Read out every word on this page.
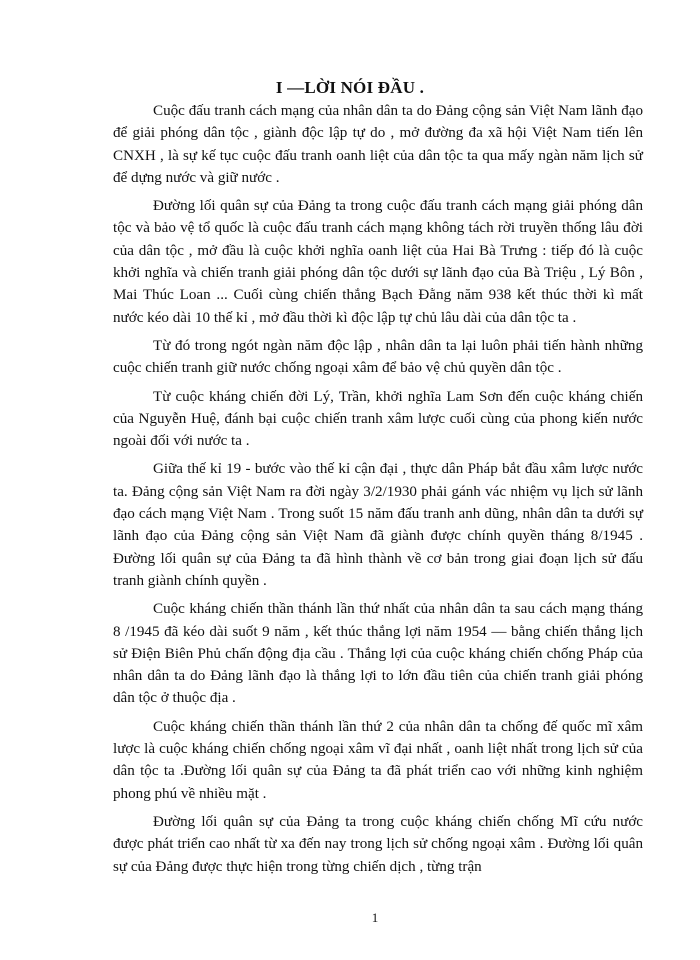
I —LỜI NÓI ĐẦU .

Cuộc đấu tranh cách mạng của nhân dân ta do Đảng cộng sản Việt Nam lãnh đạo để giải phóng dân tộc , giành độc lập tự do , mở đường đa xã hội Việt Nam tiến lên CNXH , là sự kế tục cuộc đấu tranh oanh liệt của dân tộc ta qua mấy ngàn năm lịch sử để dựng nước và giữ nước .

Đường lối quân sự của Đảng ta trong cuộc đấu tranh cách mạng giải phóng dân tộc và bảo vệ tổ quốc là cuộc đấu tranh cách mạng không tách rời truyền thống lâu đời của dân tộc , mở đầu là cuộc khởi nghĩa oanh liệt của Hai Bà Trưng : tiếp đó là cuộc khởi nghĩa và chiến tranh giải phóng dân tộc dưới sự lãnh đạo của Bà Triệu , Lý Bôn , Mai Thúc Loan ... Cuối cùng chiến thắng Bạch Đằng năm 938 kết thúc thời kì mất nước kéo dài 10 thế kỉ , mở đầu thời kì độc lập tự chủ lâu dài của dân tộc ta .

Từ đó trong ngót ngàn năm độc lập , nhân dân ta lại luôn phải tiến hành những cuộc chiến tranh giữ nước chống ngoại xâm để bảo vệ chủ quyền dân tộc .

Từ cuộc kháng chiến đời Lý, Trần, khởi nghĩa Lam Sơn đến cuộc kháng chiến của Nguyễn Huệ, đánh bại cuộc chiến tranh xâm lược cuối cùng của phong kiến nước ngoài đối với nước ta .

Giữa thế kỉ 19 - bước vào thế kỉ cận đại , thực dân Pháp bắt đầu xâm lược nước ta. Đảng cộng sản Việt Nam ra đời ngày 3/2/1930 phải gánh vác nhiệm vụ lịch sử lãnh đạo cách mạng Việt Nam . Trong suốt 15 năm đấu tranh anh dũng, nhân dân ta dưới sự lãnh đạo của Đảng cộng sản Việt Nam đã giành được chính quyền tháng 8/1945 . Đường lối quân sự của Đảng ta đã hình thành về cơ bản trong giai đoạn lịch sử đấu tranh giành chính quyền .

Cuộc kháng chiến thần thánh lần thứ nhất của nhân dân ta sau cách mạng tháng 8 /1945 đã kéo dài suốt 9 năm , kết thúc thắng lợi năm 1954 — bằng chiến thắng lịch sử Điện Biên Phủ chấn động địa cầu . Thắng lợi của cuộc kháng chiến chống Pháp của nhân dân ta do Đảng lãnh đạo là thắng lợi to lớn đầu tiên của chiến tranh giải phóng dân tộc ở thuộc địa .

Cuộc kháng chiến thần thánh lần thứ 2 của nhân dân ta chống đế quốc mĩ xâm lược là cuộc kháng chiến chống ngoại xâm vĩ đại nhất , oanh liệt nhất trong lịch sử của dân tộc ta .Đường lối quân sự của Đảng ta đã phát triển cao với những kinh nghiệm phong phú về nhiều mặt .

Đường lối quân sự của Đảng ta trong cuộc kháng chiến chống Mĩ cứu nước được phát triển cao nhất từ xa đến nay trong lịch sử chống ngoại xâm . Đường lối quân sự của Đảng được thực hiện trong từng chiến dịch , từng trận

1
